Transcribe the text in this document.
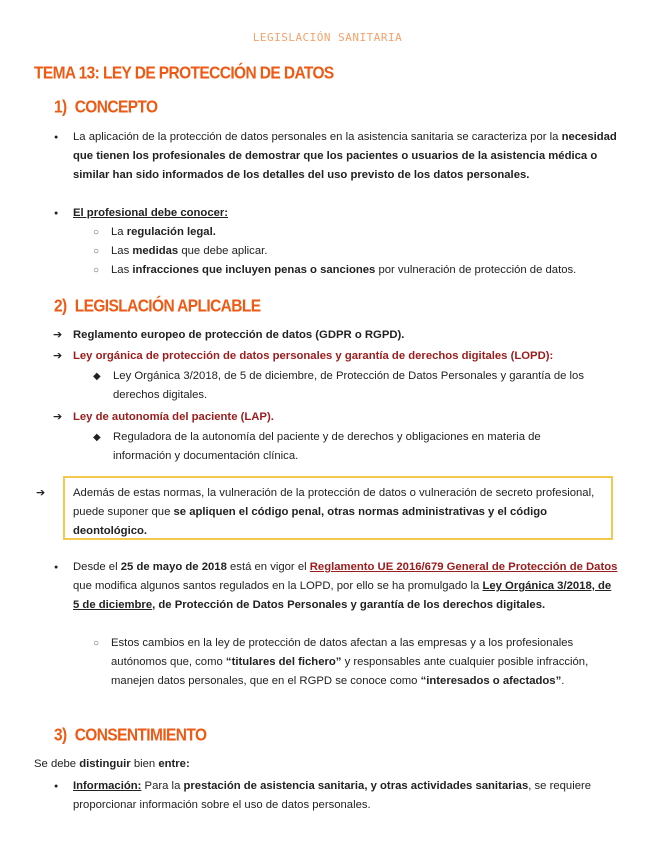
LEGISLACIÓN SANITARIA
TEMA 13: LEY DE PROTECCIÓN DE DATOS
1) CONCEPTO
● La aplicación de la protección de datos personales en la asistencia sanitaria se caracteriza por la necesidad que tienen los profesionales de demostrar que los pacientes o usuarios de la asistencia médica o similar han sido informados de los detalles del uso previsto de los datos personales.
● El profesional debe conocer:
○ La regulación legal.
○ Las medidas que debe aplicar.
○ Las infracciones que incluyen penas o sanciones por vulneración de protección de datos.
2) LEGISLACIÓN APLICABLE
➔ Reglamento europeo de protección de datos (GDPR o RGPD).
➔ Ley orgánica de protección de datos personales y garantía de derechos digitales (LOPD):
◆ Ley Orgánica 3/2018, de 5 de diciembre, de Protección de Datos Personales y garantía de los derechos digitales.
➔ Ley de autonomía del paciente (LAP).
◆ Reguladora de la autonomía del paciente y de derechos y obligaciones en materia de información y documentación clínica.
➔ Además de estas normas, la vulneración de la protección de datos o vulneración de secreto profesional, puede suponer que se apliquen el código penal, otras normas administrativas y el código deontológico.
● Desde el 25 de mayo de 2018 está en vigor el Reglamento UE 2016/679 General de Protección de Datos que modifica algunos santos regulados en la LOPD, por ello se ha promulgado la Ley Orgánica 3/2018, de 5 de diciembre, de Protección de Datos Personales y garantía de los derechos digitales.
○ Estos cambios en la ley de protección de datos afectan a las empresas y a los profesionales autónomos que, como “titulares del fichero” y responsables ante cualquier posible infracción, manejen datos personales, que en el RGPD se conoce como “interesados o afectados”.
3) CONSENTIMIENTO
Se debe distinguir bien entre:
● Información: Para la prestación de asistencia sanitaria, y otras actividades sanitarias, se requiere proporcionar información sobre el uso de datos personales.
